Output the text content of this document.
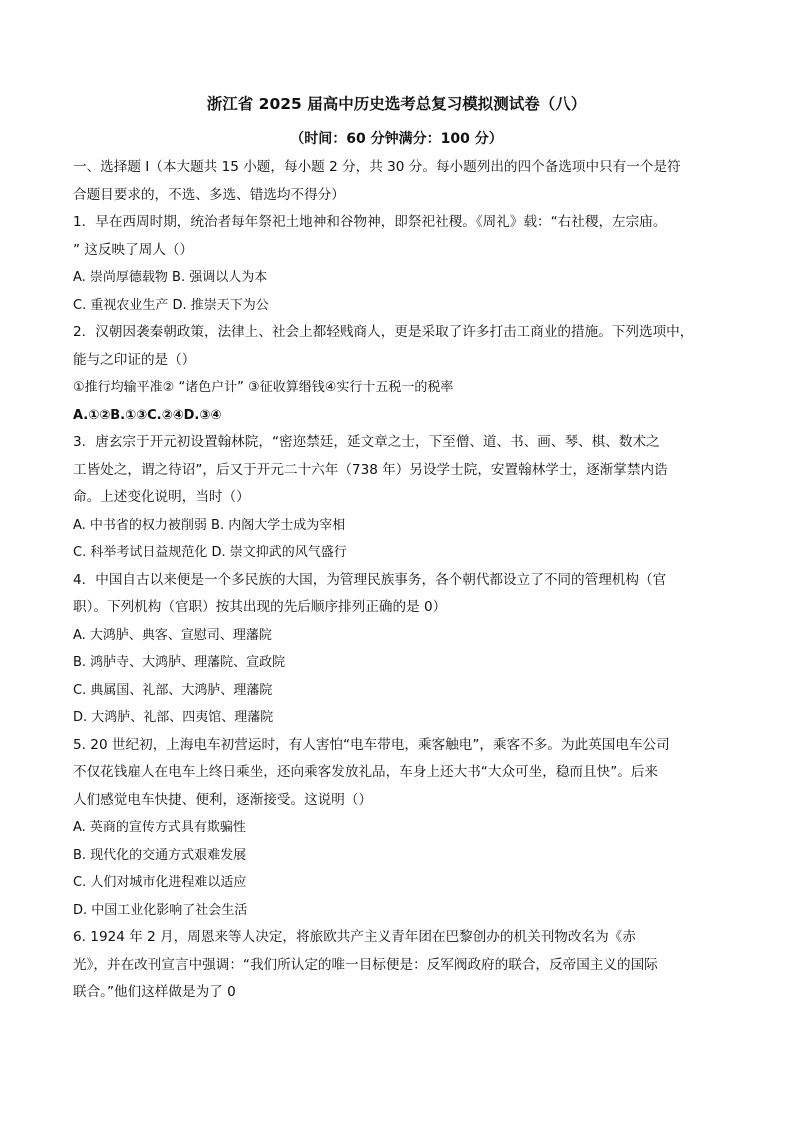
浙江省 2025 届高中历史选考总复习模拟测试卷（八）
（时间：60 分钟满分：100 分）
一、选择题 I（本大题共 15 小题，每小题 2 分，共 30 分。每小题列出的四个备选项中只有一个是符
合题目要求的，不选、多选、错选均不得分）
1．早在西周时期，统治者每年祭祀土地神和谷物神，即祭祀社稷。《周礼》载：“右社稷，左宗庙。
” 这反映了周人（）
A. 崇尚厚德载物 B. 强调以人为本
C. 重视农业生产 D. 推崇天下为公
2．汉朝因袭秦朝政策，法律上、社会上都轻贱商人，更是采取了许多打击工商业的措施。下列选项中，
能与之印证的是（）
①推行均输平准② “诸色户计” ③征收算缗钱④实行十五税一的税率
A.①②B.①③C.②④D.③④
3．唐玄宗于开元初设置翰林院，“密迩禁廷，延文章之士，下至僧、道、书、画、琴、棋、数术之
工皆处之，谓之待诏”，后又于开元二十六年（738 年）另设学士院，安置翰林学士，逐渐掌禁内诰
命。上述变化说明，当时（）
A. 中书省的权力被削弱 B. 内阁大学士成为宰相
C. 科举考试日益规范化 D. 崇文抑武的风气盛行
4．中国自古以来便是一个多民族的大国，为管理民族事务，各个朝代都设立了不同的管理机构（官
职）。下列机构（官职）按其出现的先后顺序排列正确的是 0）
A. 大鸿胪、典客、宣慰司、理藩院
B. 鸿胪寺、大鸿胪、理藩院、宣政院
C. 典属国、礼部、大鸿胪、理藩院
D. 大鸿胪、礼部、四夷馆、理藩院
5. 20 世纪初，上海电车初营运时，有人害怕“电车带电，乘客触电”，乘客不多。为此英国电车公司
不仅花钱雇人在电车上终日乘坐，还向乘客发放礼品，车身上还大书“大众可坐，稳而且快”。后来
人们感觉电车快捷、便利，逐渐接受。这说明（）
A. 英商的宣传方式具有欺骗性
B. 现代化的交通方式艰难发展
C. 人们对城市化进程难以适应
D. 中国工业化影响了社会生活
6. 1924 年 2 月，周恩来等人决定，将旅欧共产主义青年团在巴黎创办的机关刊物改名为《赤
光》，并在改刊宣言中强调：“我们所认定的唯一目标便是：反军阀政府的联合，反帝国主义的国际
联合。”他们这样做是为了 0
